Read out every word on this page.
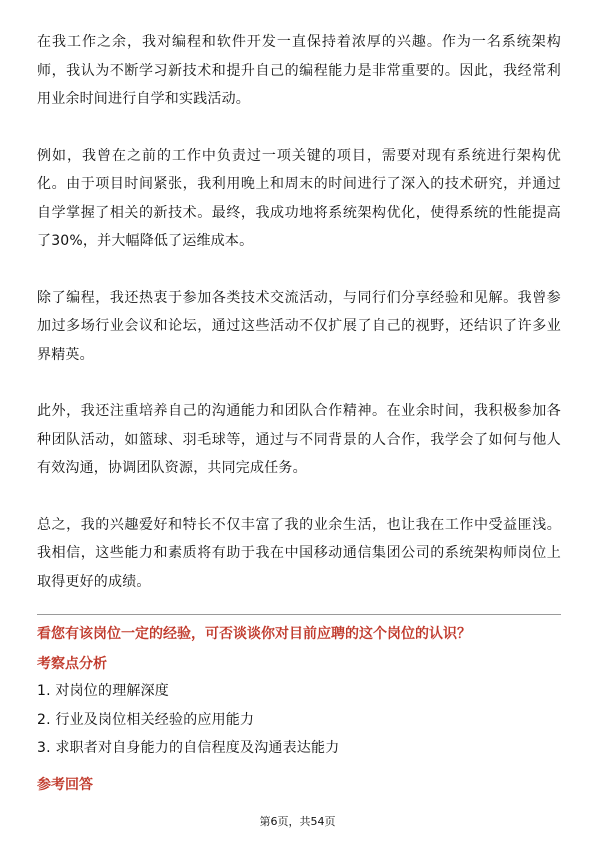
在我工作之余，我对编程和软件开发一直保持着浓厚的兴趣。作为一名系统架构师，我认为不断学习新技术和提升自己的编程能力是非常重要的。因此，我经常利用业余时间进行自学和实践活动。

例如，我曾在之前的工作中负责过一项关键的项目，需要对现有系统进行架构优化。由于项目时间紧张，我利用晚上和周末的时间进行了深入的技术研究，并通过自学掌握了相关的新技术。最终，我成功地将系统架构优化，使得系统的性能提高了30%，并大幅降低了运维成本。

除了编程，我还热衷于参加各类技术交流活动，与同行们分享经验和见解。我曾参加过多场行业会议和论坛，通过这些活动不仅扩展了自己的视野，还结识了许多业界精英。

此外，我还注重培养自己的沟通能力和团队合作精神。在业余时间，我积极参加各种团队活动，如篮球、羽毛球等，通过与不同背景的人合作，我学会了如何与他人有效沟通，协调团队资源，共同完成任务。

总之，我的兴趣爱好和特长不仅丰富了我的业余生活，也让我在工作中受益匪浅。我相信，这些能力和素质将有助于我在中国移动通信集团公司的系统架构师岗位上取得更好的成绩。

看您有该岗位一定的经验，可否谈谈你对目前应聘的这个岗位的认识？

考察点分析

1. 对岗位的理解深度
2. 行业及岗位相关经验的应用能力
3. 求职者对自身能力的自信程度及沟通表达能力

参考回答

第6页，共54页
